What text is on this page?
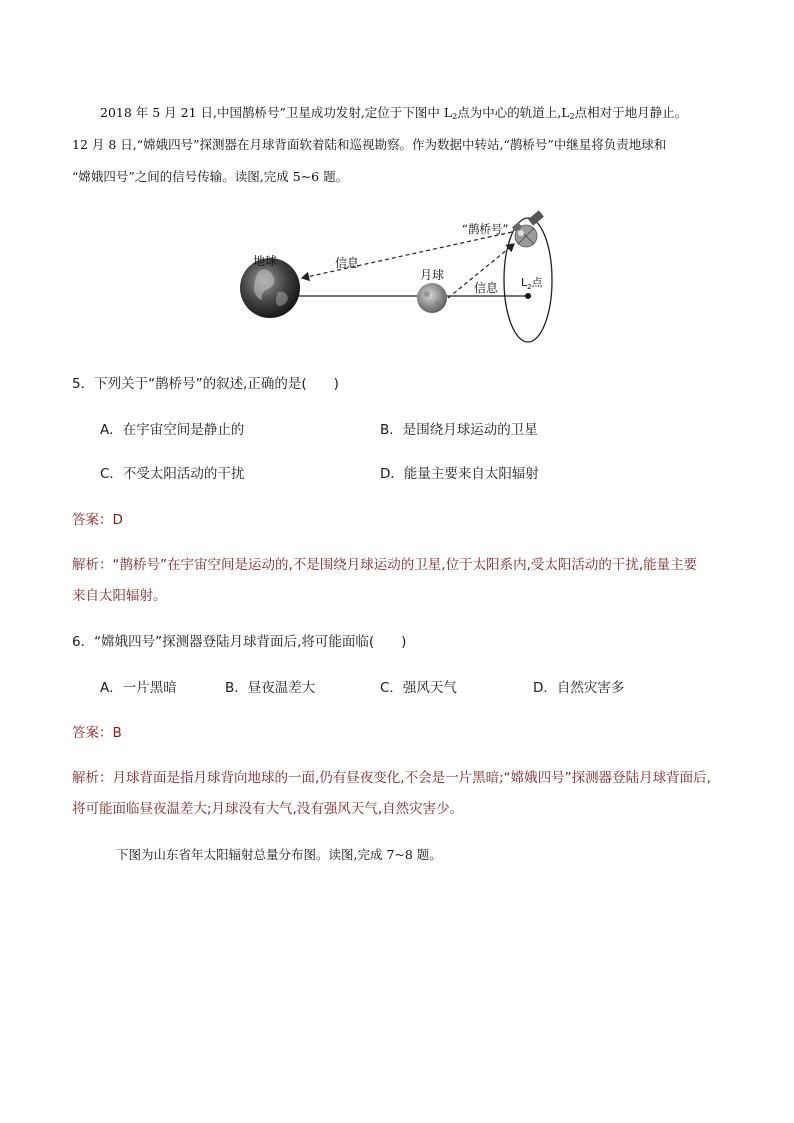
2018 年 5 月 21 日,中国鹊桥号”卫星成功发射,定位于下图中 $L_2$点为中心的轨道上$,L_2$点相对于地月静止。
12 月 8 日,“嫦娥四号”探测器在月球背面软着陆和巡视勘察。作为数据中转站,“鹊桥号”中继星将负责地球和
“嫦娥四号”之间的信号传输。读图,完成 5~6 题。
地球
月球
“鹊桥号”
信息
信息 $L_2$点
5．下列关于“鹊桥号”的叙述,正确的是(　　)
A．在宇宙空间是静止的	B．是围绕月球运动的卫星
C．不受太阳活动的干扰	D．能量主要来自太阳辐射
答案：D
解析：“鹊桥号”在宇宙空间是运动的,不是围绕月球运动的卫星,位于太阳系内,受太阳活动的干扰,能量主要
来自太阳辐射。
6．“嫦娥四号”探测器登陆月球背面后,将可能面临(　　)
A．一片黑暗	B．昼夜温差大	C．强风天气	D．自然灾害多
答案：B
解析：月球背面是指月球背向地球的一面,仍有昼夜变化,不会是一片黑暗;“嫦娥四号”探测器登陆月球背面后,
将可能面临昼夜温差大;月球没有大气,没有强风天气,自然灾害少。
下图为山东省年太阳辐射总量分布图。读图,完成 7~8 题。
